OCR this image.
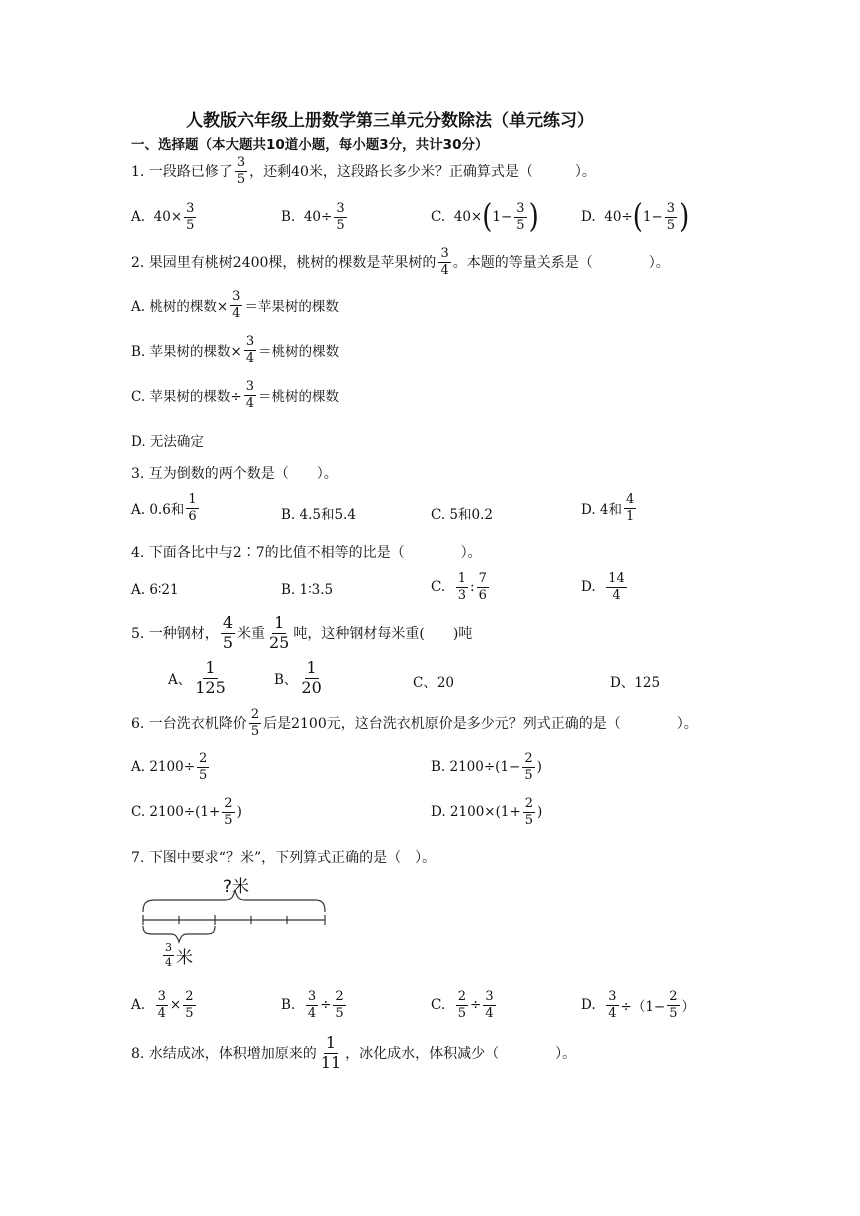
人教版六年级上册数学第三单元分数除法（单元练习）
一、选择题（本大题共10道小题，每小题3分，共计30分）
1. 一段路已修了 $\frac{3}{5}$ ，还剩40米，这段路长多少米？正确算式是（　　　）。
A.
$40\times \frac{3}{5}$	B.
$40\div \frac{3}{5}$	C.
40× ( $1- \frac{3}{5}$ )	D.
40÷ ( $1- \frac{3}{5}$ )
2. 果园里有桃树2400棵，桃树的棵数是苹果树的 $\frac{3}{4}$ 。本题的等量关系是（　　　　）。
A. 桃树的棵数× $\frac{3}{4}$ ＝苹果树的棵数
B. 苹果树的棵数× $\frac{3}{4}$ ＝桃树的棵数
C. 苹果树的棵数÷ $\frac{3}{4}$ ＝桃树的棵数
D. 无法确定
3. 互为倒数的两个数是（　　）。
A. 0.6和 $\frac{1}{6}$	B. 4.5和5.4	C. 5和0.2	D. 4和 $\frac{4}{1}$
4. 下面各比中与2∶7的比值不相等的比是（　　　　）。
A. 6∶21	B. 1∶3.5	C.
$\frac{1}{3}$ : $\frac{7}{6}$	D.
$\frac{14}{4}$
5. 一种钢材， $\frac{4}{5}$ 米重 $\frac{1}{25}$ 吨，这种钢材每米重(　　)吨
A、 $\frac{1}{125}$	B、 $\frac{1}{20}$	C、20	D、125
6. 一台洗衣机降价 $\frac{2}{5}$ 后是2100元，这台洗衣机原价是多少元？列式正确的是（　　　　）。
A. $2100\div \frac{2}{5}$	B. $2100\div(1- \frac{2}{5}$ )
C. $2100\div(1+ \frac{2}{5}$ )	D. $2100\times(1+ \frac{2}{5}$ )
7. 下图中要求“？米”，下列算式正确的是（　）。
?米
$\frac{3}{4}$ 米
A.
$\frac{3}{4} \times \frac{2}{5}$	B.
$\frac{3}{4} \div \frac{2}{5}$	C.
$\frac{2}{5} \div \frac{3}{4}$	D.
$\frac{3}{4} \div(1- \frac{2}{5}$ ）
8. 水结成冰，体积增加原来的 $\frac{1}{11}$ ，冰化成水，体积减少（　　　　）。
